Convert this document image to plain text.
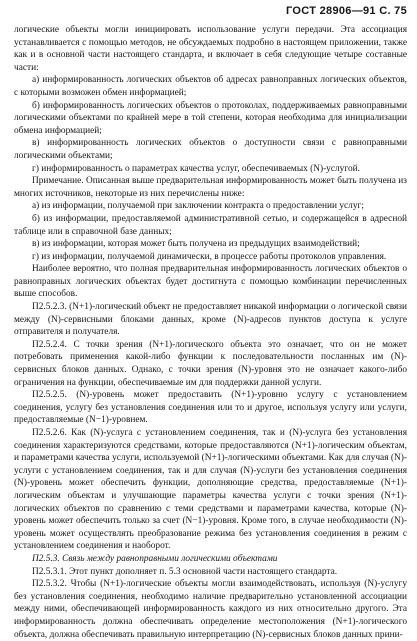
ГОСТ 28906—91 С. 75

логические объекты могли инициировать использование услуги передачи. Эта ассоциация устанавливается с помощью методов, не обсуждаемых подробно в настоящем приложении, также как и в основной части настоящего стандарта, и включает в себя следующие четыре составные части:

а) информированность логических объектов об адресах равноправных логических объектов, с которыми возможен обмен информацией;

б) информированность логических объектов о протоколах, поддерживаемых равноправными логическими объектами по крайней мере в той степени, которая необходима для инициализации обмена информацией;

в) информированность логических объектов о доступности связи с равноправными логическими объектами;

г) информированность о параметрах качества услуг, обеспечиваемых (N)-услугой.

Примечание. Описанная выше предварительная информированность может быть получена из многих источников, некоторые из них перечислены ниже:

а) из информации, получаемой при заключении контракта о предоставлении услуг;

б) из информации, предоставляемой административной сетью, и содержащейся в адресной таблице или в справочной базе данных;

в) из информации, которая может быть получена из предыдущих взаимодействий;

г) из информации, получаемой динамически, в процессе работы протоколов управления.

Наиболее вероятно, что полная предварительная информированность логических объектов о равноправных логических объектах будет достигнута с помощью комбинации перечисленных выше способов.

П2.5.2.3. (N+1)-логический объект не предоставляет никакой информации о логической связи между (N)-сервисными блоками данных, кроме (N)-адресов пунктов доступа к услуге отправителя и получателя.

П2.5.2.4. С точки зрения (N+1)-логического объекта это означает, что он не может потребовать применения какой-либо функции к последовательности посланных им (N)-сервисных блоков данных. Однако, с точки зрения (N)-уровня это не означает какого-либо ограничения на функции, обеспечиваемые им для поддержки данной услуги.

П2.5.2.5. (N)-уровень может предоставить (N+1)-уровню услугу с установлением соединения, услугу без установления соединения или то и другое, используя услугу или услуги, предоставляемые (N−1)-уровнем.

П2.5.2.6. Как (N)-услуга с установлением соединения, так и (N)-услуга без установления соединения характеризуются средствами, которые предоставляются (N+1)-логическим объектам, и параметрами качества услуги, используемой (N+1)-логическими объектами. Как для случая (N)-услуги с установлением соединения, так и для случая (N)-услуги без установления соединения (N)-уровень может обеспечить функции, дополняющие средства, предоставляемые (N+1)-логическим объектам и улучшающие параметры качества услуги с точки зрения (N+1)-логических объектов по сравнению с теми средствами и параметрами качества, которые (N)-уровень может обеспечить только за счет (N−1)-уровня. Кроме того, в случае необходимости (N)-уровень может осуществлять преобразование режима без установления соединения в режим с установлением соединения и наоборот.

П2.5.3. Связь между равноправными логическими объектами

П2.5.3.1. Этот пункт дополняет п. 5.3 основной части настоящего стандарта.

П2.5.3.2. Чтобы (N+1)-логические объекты могли взаимодействовать, используя (N)-услугу без установления соединения, необходимо наличие предварительно установленной ассоциации между ними, обеспечивающей информированность каждого из них относительно другого. Эта информированность должна обеспечивать определение местоположения (N+1)-логического объекта, должна обеспечивать правильную интерпретацию (N)-сервисных блоков данных прини-
